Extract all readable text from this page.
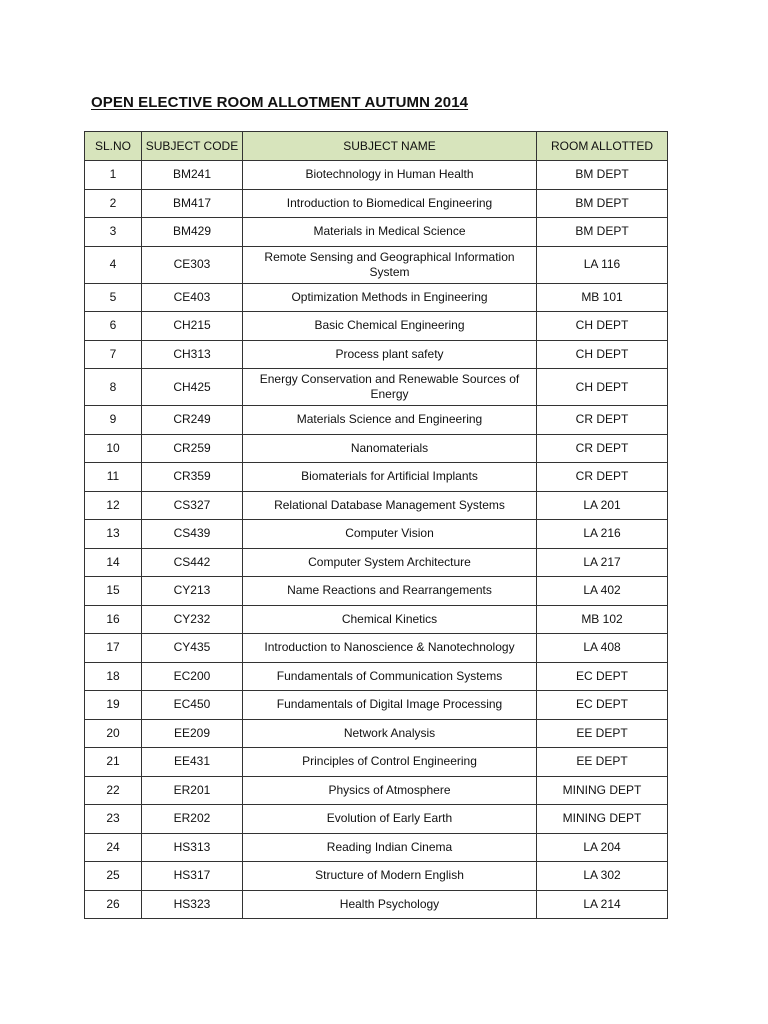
OPEN ELECTIVE ROOM ALLOTMENT AUTUMN 2014
SL.NO	SUBJECT CODE	SUBJECT NAME	ROOM ALLOTTED
1	BM241	Biotechnology in Human Health	BM DEPT
2	BM417	Introduction to Biomedical Engineering	BM DEPT
3	BM429	Materials in Medical Science	BM DEPT
4	CE303	Remote Sensing and Geographical Information System	LA 116
5	CE403	Optimization Methods in Engineering	MB 101
6	CH215	Basic Chemical Engineering	CH DEPT
7	CH313	Process plant safety	CH DEPT
8	CH425	Energy Conservation and Renewable Sources of Energy	CH DEPT
9	CR249	Materials Science and Engineering	CR DEPT
10	CR259	Nanomaterials	CR DEPT
11	CR359	Biomaterials for Artificial Implants	CR DEPT
12	CS327	Relational Database Management Systems	LA 201
13	CS439	Computer Vision	LA 216
14	CS442	Computer System Architecture	LA 217
15	CY213	Name Reactions and Rearrangements	LA 402
16	CY232	Chemical Kinetics	MB 102
17	CY435	Introduction to Nanoscience & Nanotechnology	LA 408
18	EC200	Fundamentals of Communication Systems	EC DEPT
19	EC450	Fundamentals of Digital Image Processing	EC DEPT
20	EE209	Network Analysis	EE DEPT
21	EE431	Principles of Control Engineering	EE DEPT
22	ER201	Physics of Atmosphere	MINING DEPT
23	ER202	Evolution of Early Earth	MINING DEPT
24	HS313	Reading Indian Cinema	LA 204
25	HS317	Structure of Modern English	LA 302
26	HS323	Health Psychology	LA 214
